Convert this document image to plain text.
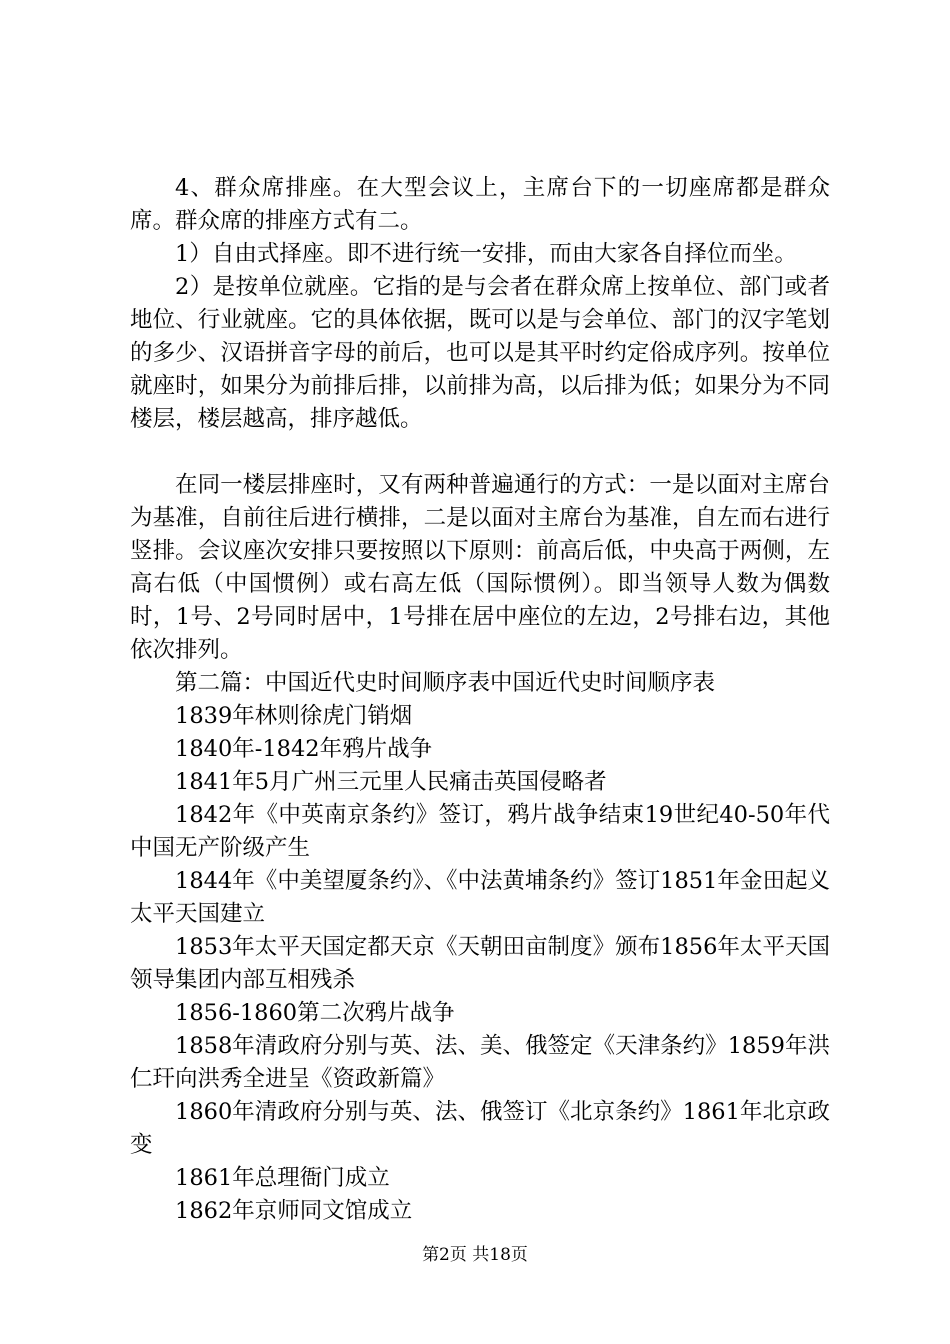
4、群众席排座。在大型会议上，主席台下的一切座席都是群众席。群众席的排座方式有二。

1）自由式择座。即不进行统一安排，而由大家各自择位而坐。

2）是按单位就座。它指的是与会者在群众席上按单位、部门或者地位、行业就座。它的具体依据，既可以是与会单位、部门的汉字笔划的多少、汉语拼音字母的前后，也可以是其平时约定俗成序列。按单位就座时，如果分为前排后排，以前排为高，以后排为低；如果分为不同楼层，楼层越高，排序越低。

在同一楼层排座时，又有两种普遍通行的方式：一是以面对主席台为基准，自前往后进行横排，二是以面对主席台为基准，自左而右进行竖排。会议座次安排只要按照以下原则：前高后低，中央高于两侧，左高右低（中国惯例）或右高左低（国际惯例）。即当领导人数为偶数时，1号、2号同时居中，1号排在居中座位的左边，2号排右边，其他依次排列。

第二篇：中国近代史时间顺序表中国近代史时间顺序表

1839年林则徐虎门销烟

1840年-1842年鸦片战争

1841年5月广州三元里人民痛击英国侵略者

1842年《中英南京条约》签订，鸦片战争结束19世纪40-50年代中国无产阶级产生

1844年《中美望厦条约》、《中法黄埔条约》签订1851年金田起义太平天国建立

1853年太平天国定都天京《天朝田亩制度》颁布1856年太平天国领导集团内部互相残杀

1856-1860第二次鸦片战争

1858年清政府分别与英、法、美、俄签定《天津条约》1859年洪仁玕向洪秀全进呈《资政新篇》

1860年清政府分别与英、法、俄签订《北京条约》1861年北京政变

1861年总理衙门成立

1862年京师同文馆成立

第2页 共18页
